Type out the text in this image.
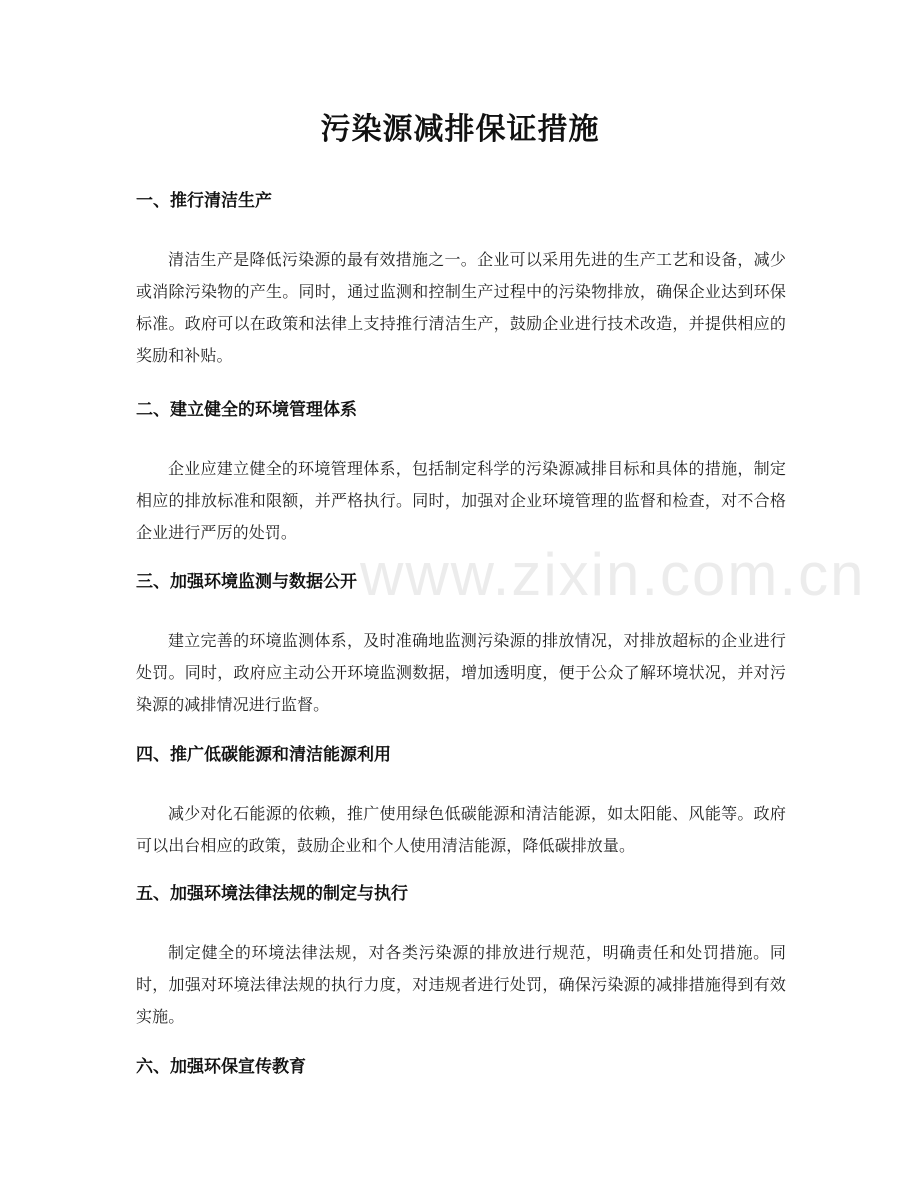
污染源减排保证措施
一、推行清洁生产
清洁生产是降低污染源的最有效措施之一。企业可以采用先进的生产工艺和设备，减少或消除污染物的产生。同时，通过监测和控制生产过程中的污染物排放，确保企业达到环保标准。政府可以在政策和法律上支持推行清洁生产，鼓励企业进行技术改造，并提供相应的奖励和补贴。
二、建立健全的环境管理体系
企业应建立健全的环境管理体系，包括制定科学的污染源减排目标和具体的措施，制定相应的排放标准和限额，并严格执行。同时，加强对企业环境管理的监督和检查，对不合格企业进行严厉的处罚。
三、加强环境监测与数据公开
建立完善的环境监测体系，及时准确地监测污染源的排放情况，对排放超标的企业进行处罚。同时，政府应主动公开环境监测数据，增加透明度，便于公众了解环境状况，并对污染源的减排情况进行监督。
四、推广低碳能源和清洁能源利用
减少对化石能源的依赖，推广使用绿色低碳能源和清洁能源，如太阳能、风能等。政府可以出台相应的政策，鼓励企业和个人使用清洁能源，降低碳排放量。
五、加强环境法律法规的制定与执行
制定健全的环境法律法规，对各类污染源的排放进行规范，明确责任和处罚措施。同时，加强对环境法律法规的执行力度，对违规者进行处罚，确保污染源的减排措施得到有效实施。
六、加强环保宣传教育
www.zixin.com.cn
